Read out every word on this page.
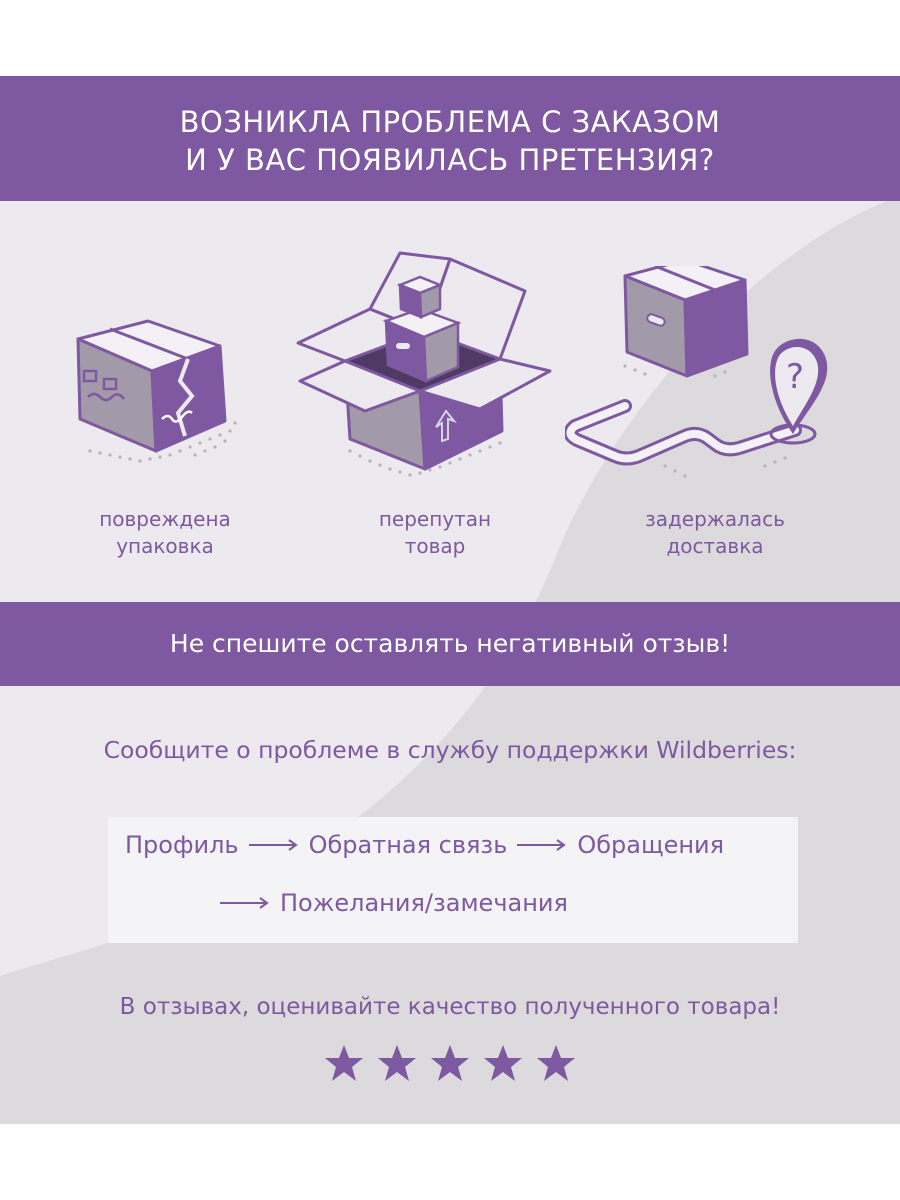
ВОЗНИКЛА ПРОБЛЕМА С ЗАКАЗОМ
И У ВАС ПОЯВИЛАСЬ ПРЕТЕНЗИЯ?
?
повреждена
упаковка
перепутан
товар
задержалась
доставка
Не спешите оставлять негативный отзыв!
Сообщите о проблеме в службу поддержки Wildberries:
Профиль	Обратная связь	Обращения
Пожелания/замечания
В отзывах, оценивайте качество полученного товара!
